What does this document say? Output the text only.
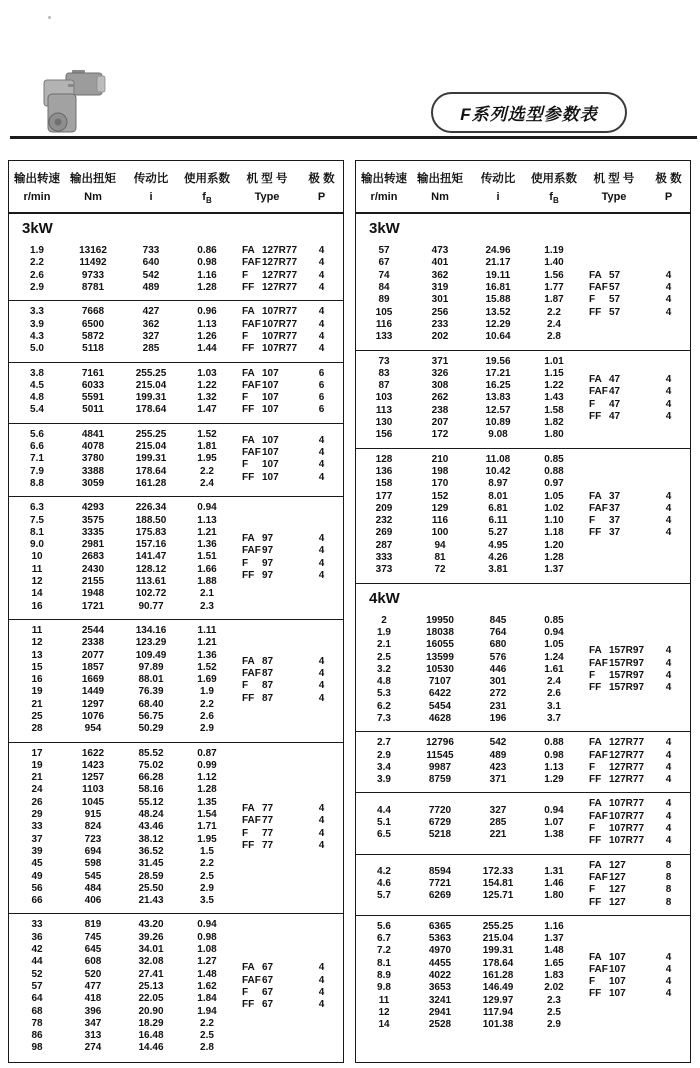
F系列选型参数表
输出转速 输出扭矩	传动比	使用系数	机 型 号	极 数
r/min	Nm	i	$f_B$	Type	P
3kW
1.9	13162	733	0.86
2.2	11492	640	0.98
2.6	9733	542	1.16
2.9	8781	489	1.28
FA 127R77	4
FAF127R77	4
F 127R77	4
FF 127R77	4
3.3	7668	427	0.96
3.9	6500	362	1.13
4.3	5872	327	1.26
5.0	5118	285	1.44
FA 107R77	4
FAF107R77	4
F 107R77	4
FF 107R77	4
3.8	7161	255.25	1.03
4.5	6033	215.04	1.22
4.8	5591	199.31	1.32
5.4	5011	178.64	1.47
FA 107	6
FAF107	6
F 107	6
FF 107	6
5.6	4841	255.25	1.52
6.6	4078	215.04	1.81
7.1	3780	199.31	1.95
7.9	3388	178.64	2.2
8.8	3059	161.28	2.4
FA 107	4
FAF107	4
F 107	4
FF 107	4
6.3	4293	226.34	0.94
7.5	3575	188.50	1.13
8.1	3335	175.83	1.21
9.0	2981	157.16	1.36
10	2683	141.47	1.51
11	2430	128.12	1.66
12	2155	113.61	1.88
14	1948	102.72	2.1
16	1721	90.77	2.3
FA 97	4
FAF97	4
F 97	4
FF 97	4
11	2544	134.16	1.11
12	2338	123.29	1.21
13	2077	109.49	1.36
15	1857	97.89	1.52
16	1669	88.01	1.69
19	1449	76.39	1.9
21	1297	68.40	2.2
25	1076	56.75	2.6
28	954	50.29	2.9
FA 87	4
FAF87	4
F 87	4
FF 87	4
17	1622	85.52	0.87
19	1423	75.02	0.99
21	1257	66.28	1.12
24	1103	58.16	1.28
26	1045	55.12	1.35
29	915	48.24	1.54
33	824	43.46	1.71
37	723	38.12	1.95
39	694	36.52	1.5
45	598	31.45	2.2
49	545	28.59	2.5
56	484	25.50	2.9
66	406	21.43	3.5
FA 77	4
FAF77	4
F 77	4
FF 77	4
33	819	43.20	0.94
36	745	39.26	0.98
42	645	34.01	1.08
44	608	32.08	1.27
52	520	27.41	1.48
57	477	25.13	1.62
64	418	22.05	1.84
68	396	20.90	1.94
78	347	18.29	2.2
86	313	16.48	2.5
98	274	14.46	2.8
FA 67	4
FAF67	4
F 67	4
FF 67	4
输出转速 输出扭矩	传动比	使用系数	机 型 号	极 数
r/min	Nm	i	$f_B$	Type	P
3kW
57	473	24.96	1.19
67	401	21.17	1.40
74	362	19.11	1.56
84	319	16.81	1.77
89	301	15.88	1.87
105	256	13.52	2.2
116	233	12.29	2.4
133	202	10.64	2.8
FA 57	4
FAF57	4
F 57	4
FF 57	4
73	371	19.56	1.01
83	326	17.21	1.15
87	308	16.25	1.22
103	262	13.83	1.43
113	238	12.57	1.58
130	207	10.89	1.82
156	172	9.08	1.80
FA 47	4
FAF47	4
F 47	4
FF 47	4
128	210	11.08	0.85
136	198	10.42	0.88
158	170	8.97	0.97
177	152	8.01	1.05
209	129	6.81	1.02
232	116	6.11	1.10
269	100	5.27	1.18
287	94	4.95	1.20
333	81	4.26	1.28
373	72	3.81	1.37
FA 37	4
FAF37	4
F 37	4
FF 37	4
4kW
2	19950	845	0.85
1.9	18038	764	0.94
2.1	16055	680	1.05
2.5	13599	576	1.24
3.2	10530	446	1.61
4.8	7107	301	2.4
5.3	6422	272	2.6
6.2	5454	231	3.1
7.3	4628	196	3.7
FA 157R97	4
FAF157R97	4
F 157R97	4
FF 157R97	4
2.7	12796	542	0.88
2.9	11545	489	0.98
3.4	9987	423	1.13
3.9	8759	371	1.29
FA 127R77	4
FAF127R77	4
F 127R77	4
FF 127R77	4
4.4	7720	327	0.94
5.1	6729	285	1.07
6.5	5218	221	1.38
FA 107R77	4
FAF107R77	4
F 107R77	4
FF 107R77	4
4.2	8594	172.33	1.31
4.6	7721	154.81	1.46
5.7	6269	125.71	1.80
FA 127	8
FAF127	8
F 127	8
FF 127	8
5.6	6365	255.25	1.16
6.7	5363	215.04	1.37
7.2	4970	199.31	1.48
8.1	4455	178.64	1.65
8.9	4022	161.28	1.83
9.8	3653	146.49	2.02
11	3241	129.97	2.3
12	2941	117.94	2.5
14	2528	101.38	2.9
FA 107	4
FAF107	4
F 107	4
FF 107	4
